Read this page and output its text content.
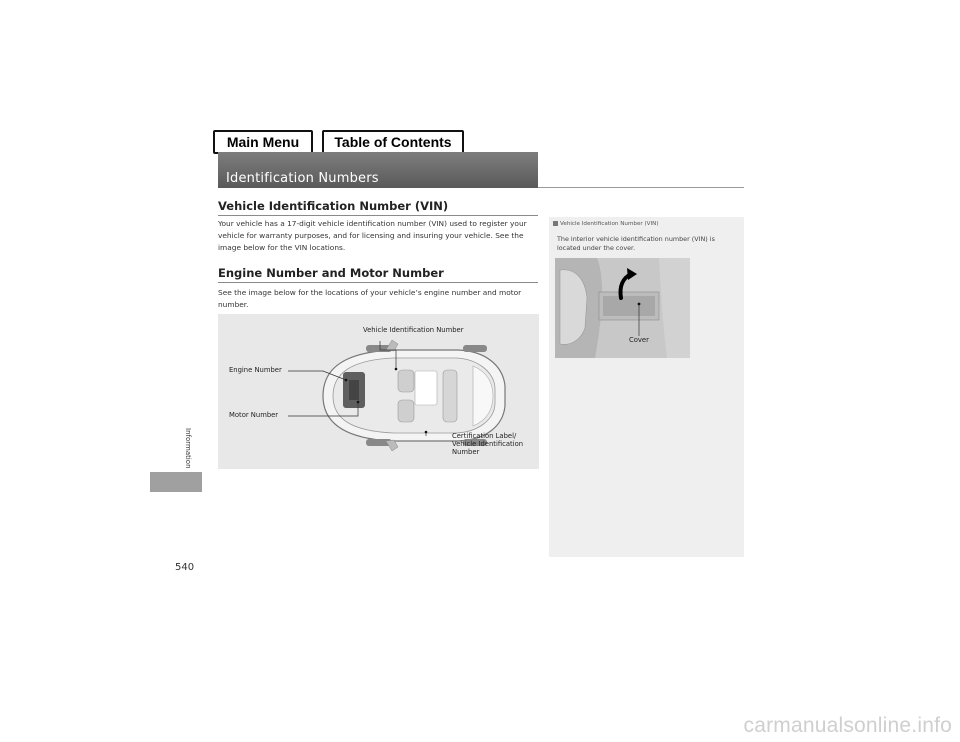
Main Menu	Table of Contents
Identification Numbers
Information
540
Vehicle Identification Number (VIN)
Your vehicle has a 17-digit vehicle identification number (VIN) used to register your vehicle for warranty purposes, and for licensing and insuring your vehicle. See the image below for the VIN locations.
Engine Number and Motor Number
See the image below for the locations of your vehicle’s engine number and motor number.
Vehicle Identification Number
Engine Number
Motor Number
Certification Label/
Vehicle Identification
Number
Vehicle Identification Number (VIN)
The interior vehicle identification number (VIN) is located under the cover.
Cover
carmanualsonline.info
